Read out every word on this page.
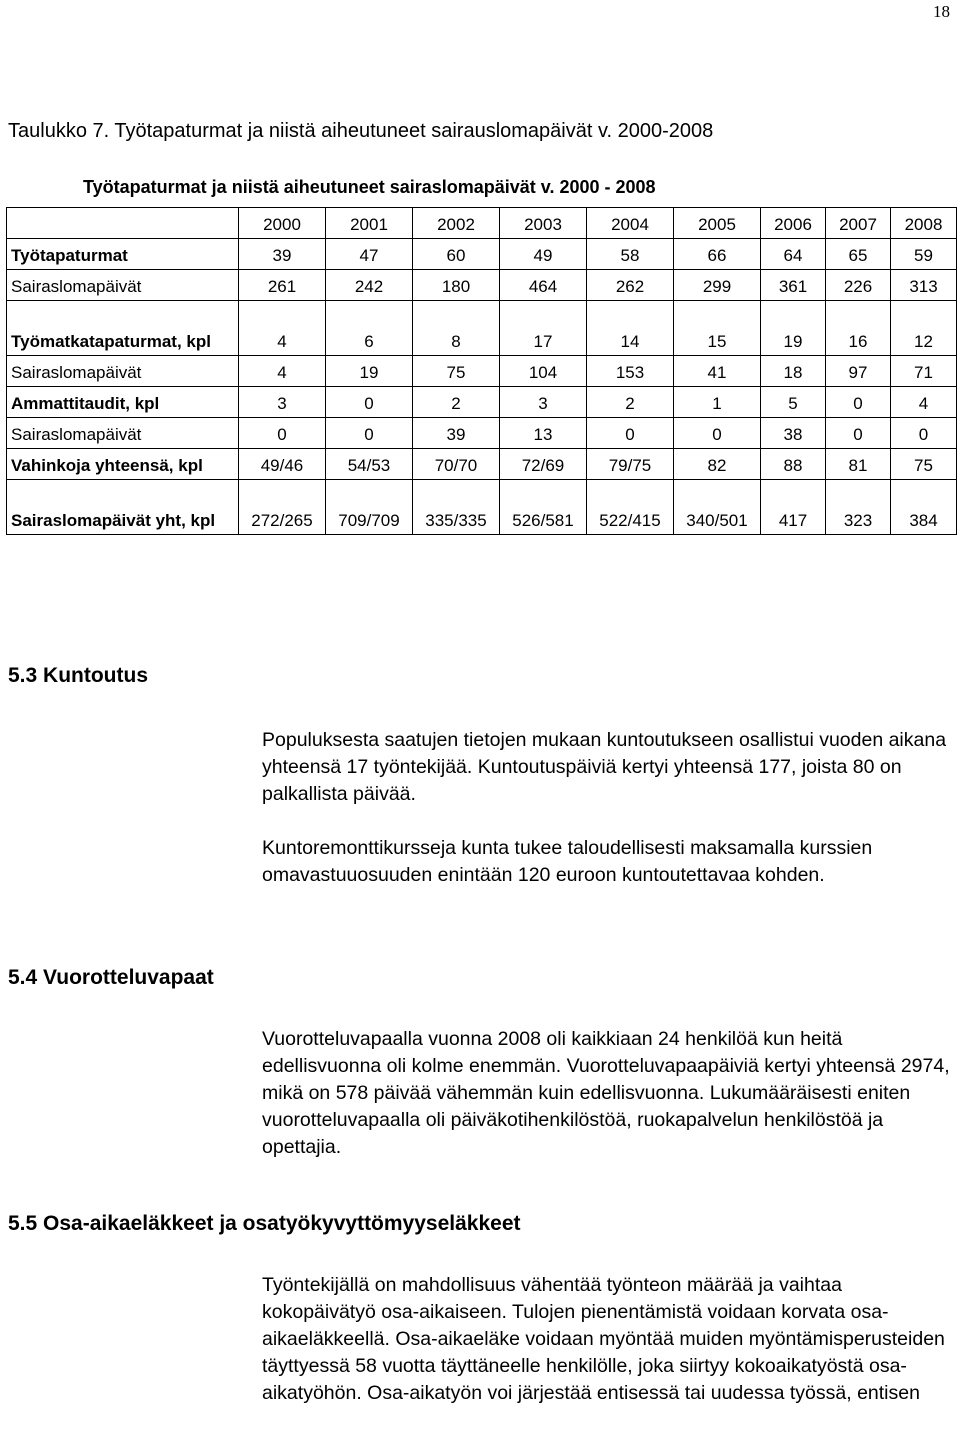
18
Taulukko 7. Työtapaturmat ja niistä aiheutuneet sairauslomapäivät v. 2000-2008
Työtapaturmat ja niistä aiheutuneet sairaslomapäivät v. 2000 - 2008
	2000	2001	2002	2003	2004	2005	2006	2007	2008
Työtapaturmat	39	47	60	49	58	66	64	65	59
Sairaslomapäivät	261	242	180	464	262	299	361	226	313
Työmatkatapaturmat, kpl	4	6	8	17	14	15	19	16	12
Sairaslomapäivät	4	19	75	104	153	41	18	97	71
Ammattitaudit, kpl	3	0	2	3	2	1	5	0	4
Sairaslomapäivät	0	0	39	13	0	0	38	0	0
Vahinkoja yhteensä, kpl	49/46	54/53	70/70	72/69	79/75	82	88	81	75
Sairaslomapäivät yht, kpl	272/265	709/709	335/335	526/581	522/415	340/501	417	323	384
5.3 Kuntoutus

Populuksesta saatujen tietojen mukaan kuntoutukseen osallistui vuoden aikana yhteensä 17 työntekijää. Kuntoutuspäiviä kertyi yhteensä 177, joista 80 on palkallista päivää.

Kuntoremonttikursseja kunta tukee taloudellisesti maksamalla kurssien omavastuuosuuden enintään 120 euroon kuntoutettavaa kohden.

5.4 Vuorotteluvapaat

Vuorotteluvapaalla vuonna 2008 oli kaikkiaan 24 henkilöä kun heitä edellisvuonna oli kolme enemmän. Vuorotteluvapaapäiviä kertyi yhteensä 2974, mikä on 578 päivää vähemmän kuin edellisvuonna. Lukumääräisesti eniten vuorotteluvapaalla oli päiväkotihenkilöstöä, ruokapalvelun henkilöstöä ja opettajia.

5.5 Osa-aikaeläkkeet ja osatyökyvyttömyyseläkkeet

Työntekijällä on mahdollisuus vähentää työnteon määrää ja vaihtaa kokopäivätyö osa-aikaiseen. Tulojen pienentämistä voidaan korvata osa-aikaeläkkeellä. Osa-aikaeläke voidaan myöntää muiden myöntämisperusteiden täyttyessä 58 vuotta täyttäneelle henkilölle, joka siirtyy kokoaikatyöstä osa-aikatyöhön. Osa-aikatyön voi järjestää entisessä tai uudessa työssä, entisen
